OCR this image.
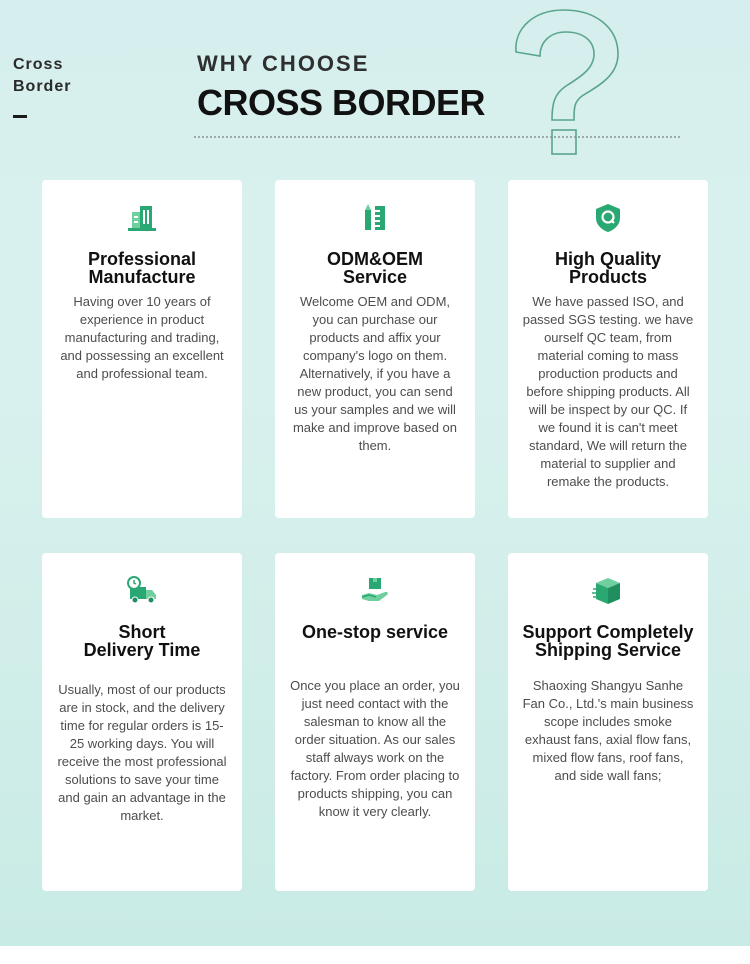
Cross Border
WHY CHOOSE
CROSS BORDER
Professional
Manufacture
Having over 10 years of experience in product manufacturing and trading, and possessing an excellent and professional team.
ODM&OEM
Service
Welcome OEM and ODM, you can purchase our products and affix your company's logo on them. Alternatively, if you have a new product, you can send us your samples and we will make and improve based on them.
High Quality
Products
We have passed ISO, and passed SGS testing. we have ourself QC team, from material coming to mass production products and before shipping products. All will be inspect by our QC. If we found it is can't meet standard, We will return the material to supplier and remake the products.
Short
Delivery Time
Usually, most of our products are in stock, and the delivery time for regular orders is 15-25 working days. You will receive the most professional solutions to save your time and gain an advantage in the market.
One-stop service
Once you place an order, you just need contact with the salesman to know all the order situation. As our sales staff always work on the factory. From order placing to products shipping, you can know it very clearly.
Support Completely
Shipping Service
Shaoxing Shangyu Sanhe Fan Co., Ltd.'s main business scope includes smoke exhaust fans, axial flow fans, mixed flow fans, roof fans, and side wall fans;
